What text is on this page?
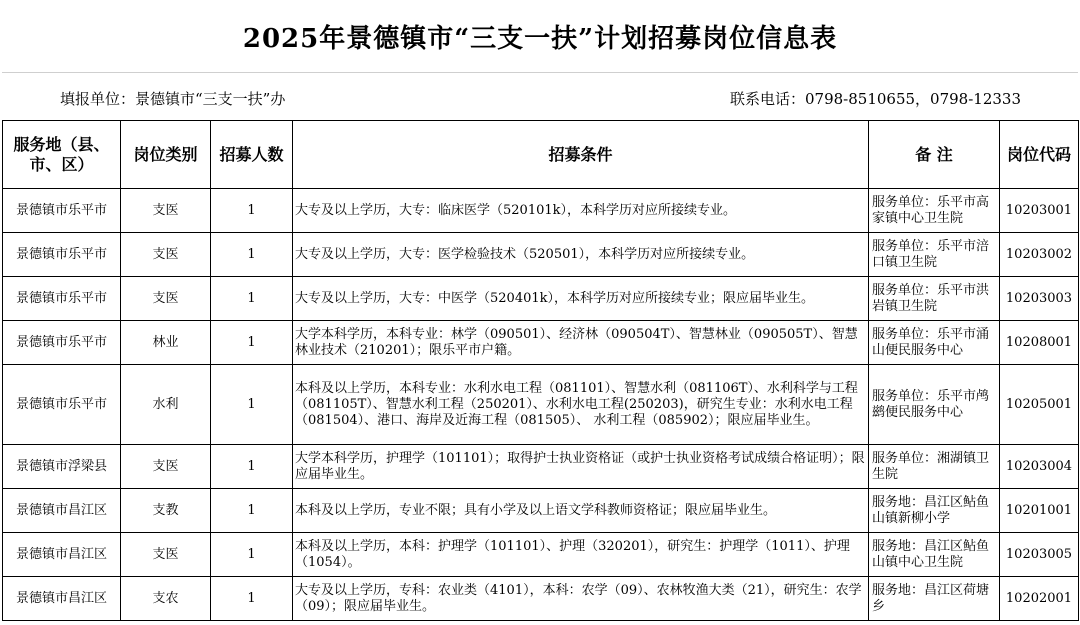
2025年景德镇市“三支一扶”计划招募岗位信息表
填报单位：景德镇市“三支一扶”办	联系电话：0798-8510655，0798-12333
服务地（县、市、区）	岗位类别	招募人数	招募条件	备 注	岗位代码
景德镇市乐平市	支医	1	大专及以上学历，大专：临床医学（520101k），本科学历对应所接续专业。	服务单位：乐平市高家镇中心卫生院	10203001
景德镇市乐平市	支医	1	大专及以上学历，大专：医学检验技术（520501），本科学历对应所接续专业。	服务单位：乐平市涪口镇卫生院	10203002
景德镇市乐平市	支医	1	大专及以上学历，大专：中医学（520401k），本科学历对应所接续专业；限应届毕业生。	服务单位：乐平市洪岩镇卫生院	10203003
景德镇市乐平市	林业	1	大学本科学历，本科专业：林学（090501）、经济林（090504T）、智慧林业（090505T）、智慧林业技术（210201）；限乐平市户籍。	服务单位：乐平市涌山便民服务中心	10208001
景德镇市乐平市	水利	1	本科及以上学历，本科专业：水利水电工程（081101）、智慧水利（081106T）、水利科学与工程（081105T）、智慧水利工程（250201）、水利水电工程(250203)，研究生专业：水利水电工程（081504）、港口、海岸及近海工程（081505）、 水利工程（085902）；限应届毕业生。	服务单位：乐平市鸬鹚便民服务中心	10205001
景德镇市浮梁县	支医	1	大学本科学历，护理学（101101）；取得护士执业资格证（或护士执业资格考试成绩合格证明）；限应届毕业生。	服务单位：湘湖镇卫生院	10203004
景德镇市昌江区	支教	1	本科及以上学历，专业不限；具有小学及以上语文学科教师资格证；限应届毕业生。	服务地：昌江区鲇鱼山镇新柳小学	10201001
景德镇市昌江区	支医	1	本科及以上学历，本科：护理学（101101）、护理（320201），研究生：护理学（1011）、护理（1054）。	服务地：昌江区鲇鱼山镇中心卫生院	10203005
景德镇市昌江区	支农	1	大专及以上学历，专科：农业类（4101），本科：农学（09）、农林牧渔大类（21），研究生：农学（09）；限应届毕业生。	服务地：昌江区荷塘乡	10202001
